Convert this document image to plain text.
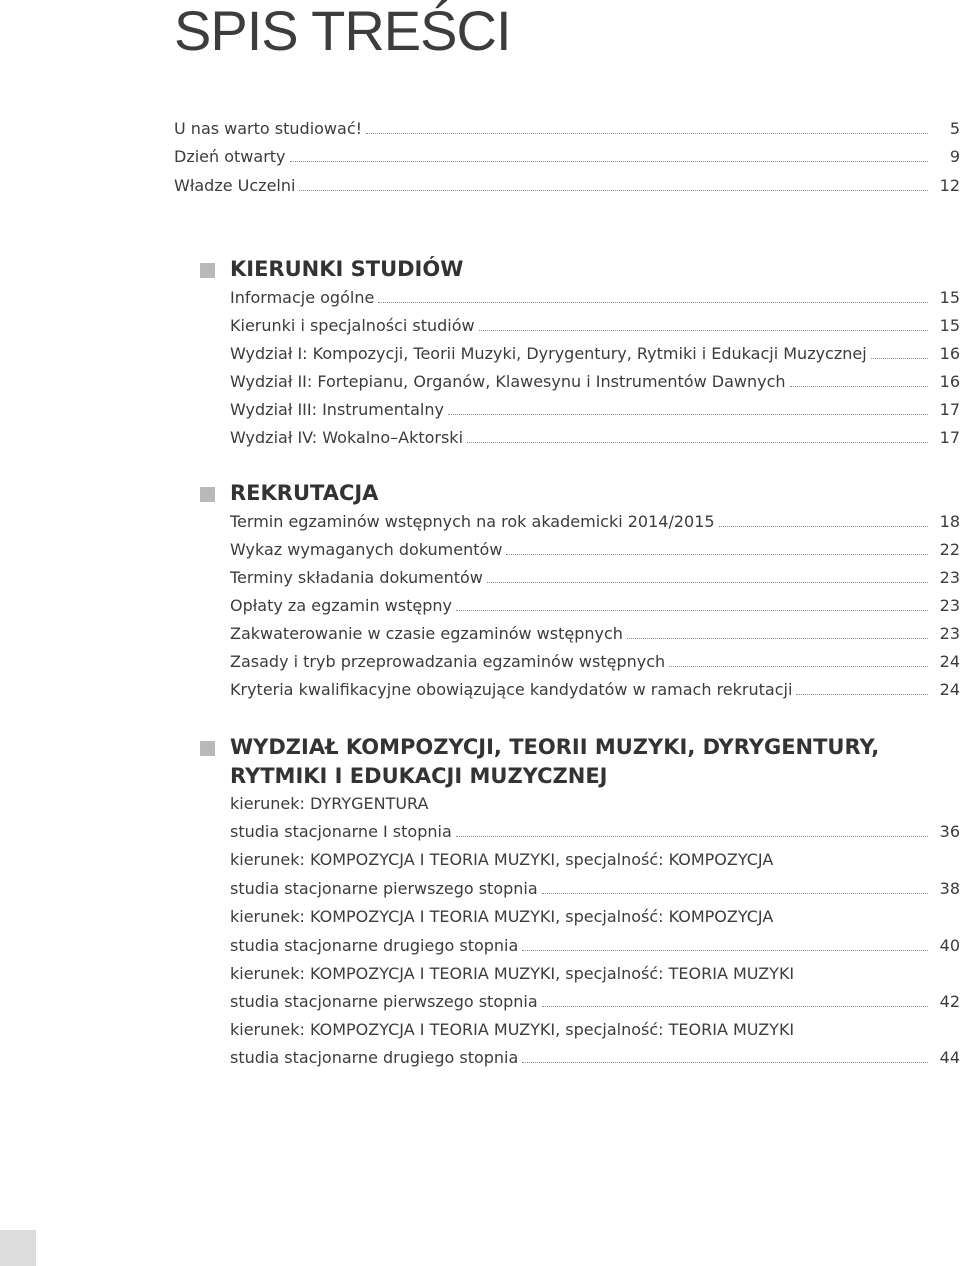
SPIS TREŚCI
U nas warto studiować!	5
Dzień otwarty	9
Władze Uczelni	12
KIERUNKI STUDIÓW
Informacje ogólne	15
Kierunki i specjalności studiów	15
Wydział I: Kompozycji, Teorii Muzyki, Dyrygentury, Rytmiki i Edukacji Muzycznej	16
Wydział II: Fortepianu, Organów, Klawesynu i Instrumentów Dawnych	16
Wydział III: Instrumentalny	17
Wydział IV: Wokalno–Aktorski	17
REKRUTACJA
Termin egzaminów wstępnych na rok akademicki 2014/2015	18
Wykaz wymaganych dokumentów	22
Terminy składania dokumentów	23
Opłaty za egzamin wstępny	23
Zakwaterowanie w czasie egzaminów wstępnych	23
Zasady i tryb przeprowadzania egzaminów wstępnych	24
Kryteria kwalifikacyjne obowiązujące kandydatów w ramach rekrutacji	24
WYDZIAŁ KOMPOZYCJI, TEORII MUZYKI, DYRYGENTURY,
RYTMIKI I EDUKACJI MUZYCZNEJ
kierunek: DYRYGENTURA
studia stacjonarne I stopnia	36
kierunek: KOMPOZYCJA I TEORIA MUZYKI, specjalność: KOMPOZYCJA
studia stacjonarne pierwszego stopnia	38
kierunek: KOMPOZYCJA I TEORIA MUZYKI, specjalność: KOMPOZYCJA
studia stacjonarne drugiego stopnia	40
kierunek: KOMPOZYCJA I TEORIA MUZYKI, specjalność: TEORIA MUZYKI
studia stacjonarne pierwszego stopnia	42
kierunek: KOMPOZYCJA I TEORIA MUZYKI, specjalność: TEORIA MUZYKI
studia stacjonarne drugiego stopnia	44
